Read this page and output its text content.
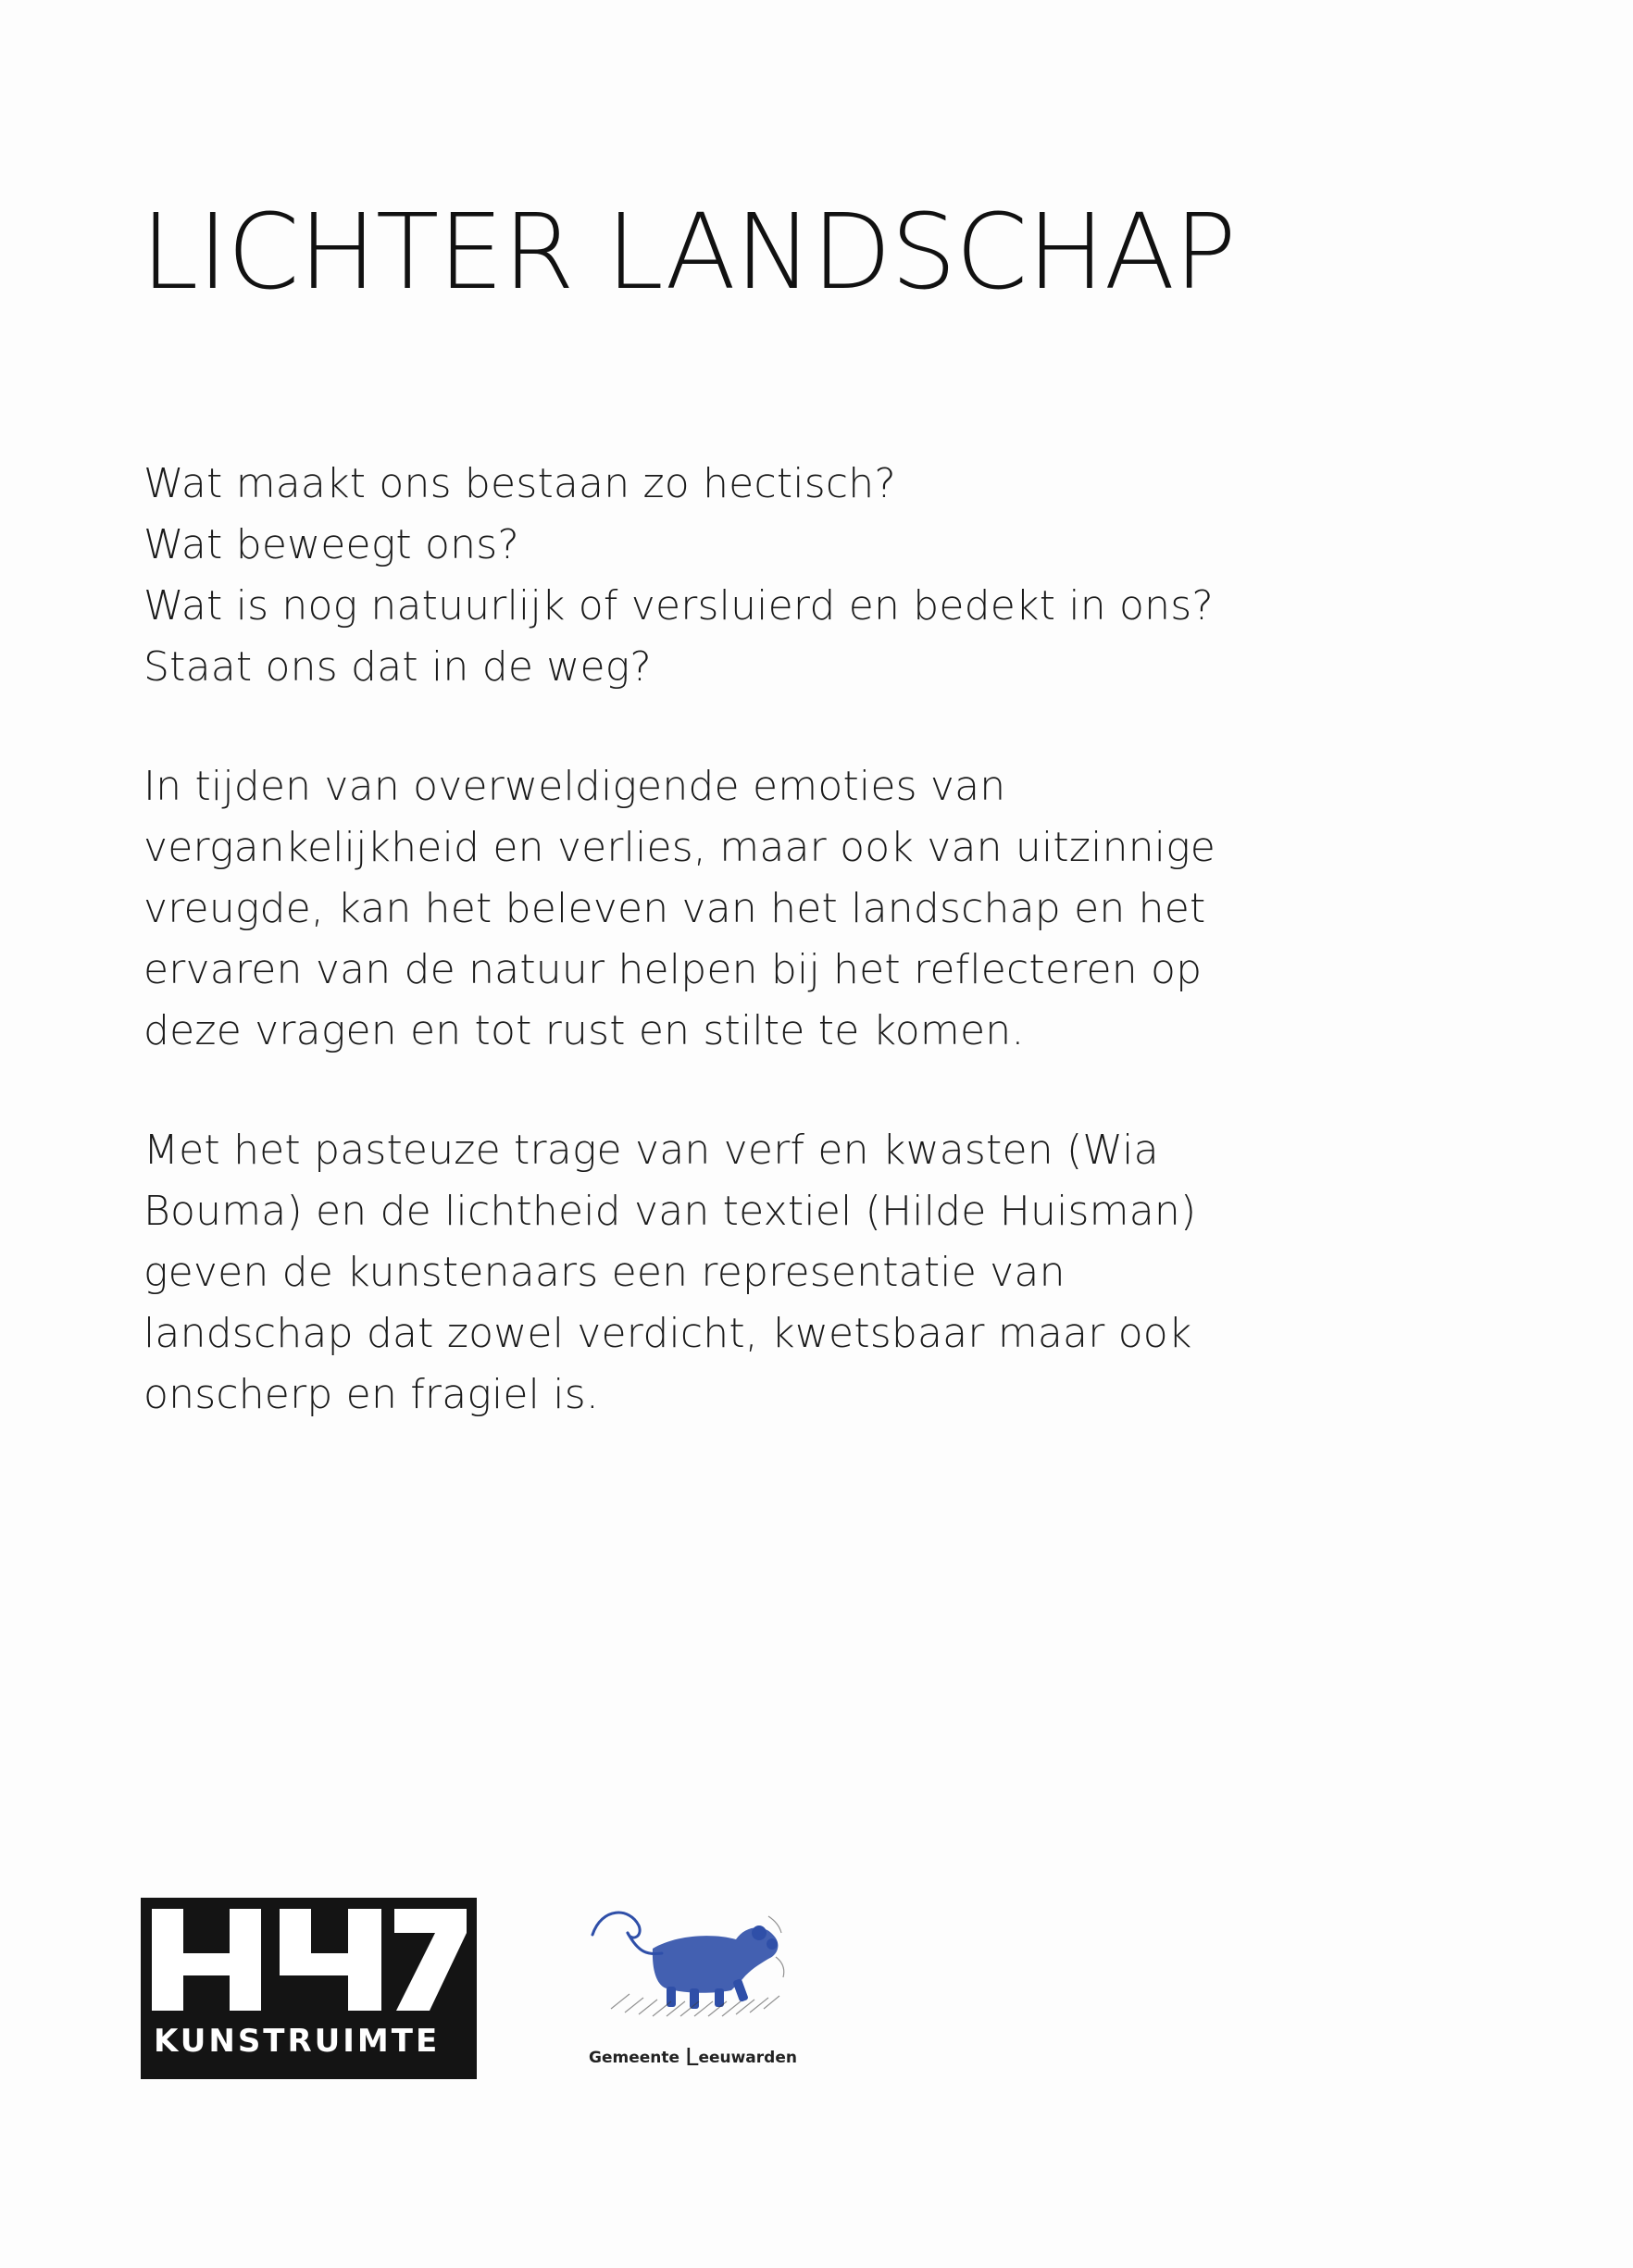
LICHTER LANDSCHAP

Wat maakt ons bestaan zo hectisch?
Wat beweegt ons?
Wat is nog natuurlijk of versluierd en bedekt in ons?
Staat ons dat in de weg?

In tijden van overweldigende emoties van
vergankelijkheid en verlies, maar ook van uitzinnige
vreugde, kan het beleven van het landschap en het
ervaren van de natuur helpen bij het reflecteren op
deze vragen en tot rust en stilte te komen.

Met het pasteuze trage van verf en kwasten (Wia
Bouma) en de lichtheid van textiel (Hilde Huisman)
geven de kunstenaars een representatie van
landschap dat zowel verdicht, kwetsbaar maar ook
onscherp en fragiel is.

KUNSTRUIMTE	Gemeente Leeuwarden
